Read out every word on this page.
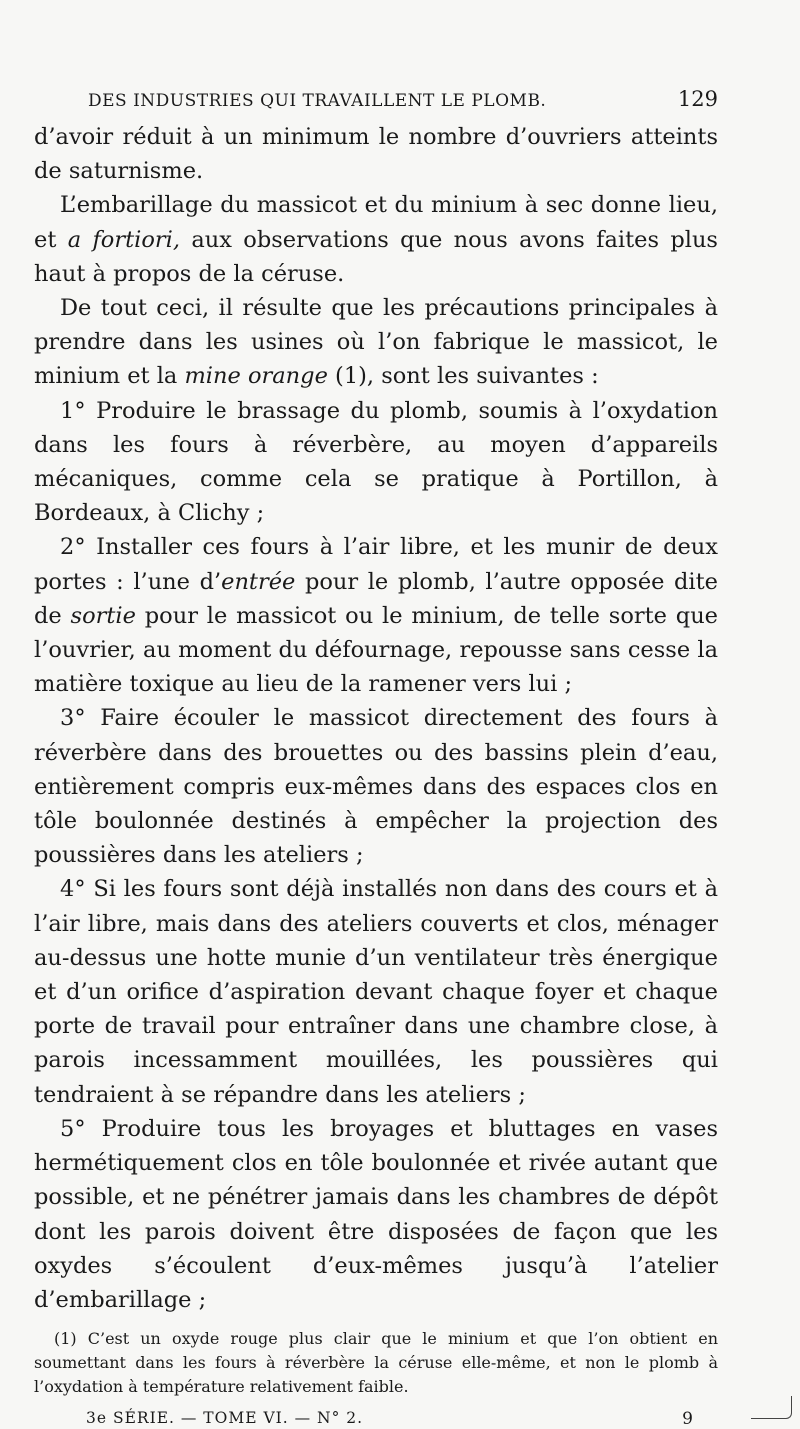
DES INDUSTRIES QUI TRAVAILLENT LE PLOMB.	129

d’avoir réduit à un minimum le nombre d’ouvriers atteints de saturnisme.

L’embarillage du massicot et du minium à sec donne lieu, et a fortiori, aux observations que nous avons faites plus haut à propos de la céruse.

De tout ceci, il résulte que les précautions principales à prendre dans les usines où l’on fabrique le massicot, le minium et la mine orange (1), sont les suivantes :

1° Produire le brassage du plomb, soumis à l’oxydation dans les fours à réverbère, au moyen d’appareils mécaniques, comme cela se pratique à Portillon, à Bordeaux, à Clichy ;

2° Installer ces fours à l’air libre, et les munir de deux portes : l’une d’entrée pour le plomb, l’autre opposée dite de sortie pour le massicot ou le minium, de telle sorte que l’ouvrier, au moment du défournage, repousse sans cesse la matière toxique au lieu de la ramener vers lui ;

3° Faire écouler le massicot directement des fours à réverbère dans des brouettes ou des bassins plein d’eau, entièrement compris eux-mêmes dans des espaces clos en tôle boulonnée destinés à empêcher la projection des poussières dans les ateliers ;

4° Si les fours sont déjà installés non dans des cours et à l’air libre, mais dans des ateliers couverts et clos, ménager au-dessus une hotte munie d’un ventilateur très énergique et d’un orifice d’aspiration devant chaque foyer et chaque porte de travail pour entraîner dans une chambre close, à parois incessamment mouillées, les poussières qui tendraient à se répandre dans les ateliers ;

5° Produire tous les broyages et bluttages en vases hermétiquement clos en tôle boulonnée et rivée autant que possible, et ne pénétrer jamais dans les chambres de dépôt dont les parois doivent être disposées de façon que les oxydes s’écoulent d’eux-mêmes jusqu’à l’atelier d’embarillage ;

(1) C’est un oxyde rouge plus clair que le minium et que l’on obtient en soumettant dans les fours à réverbère la céruse elle-même, et non le plomb à l’oxydation à température relativement faible.

3e SÉRIE. — TOME VI. — N° 2.	9
